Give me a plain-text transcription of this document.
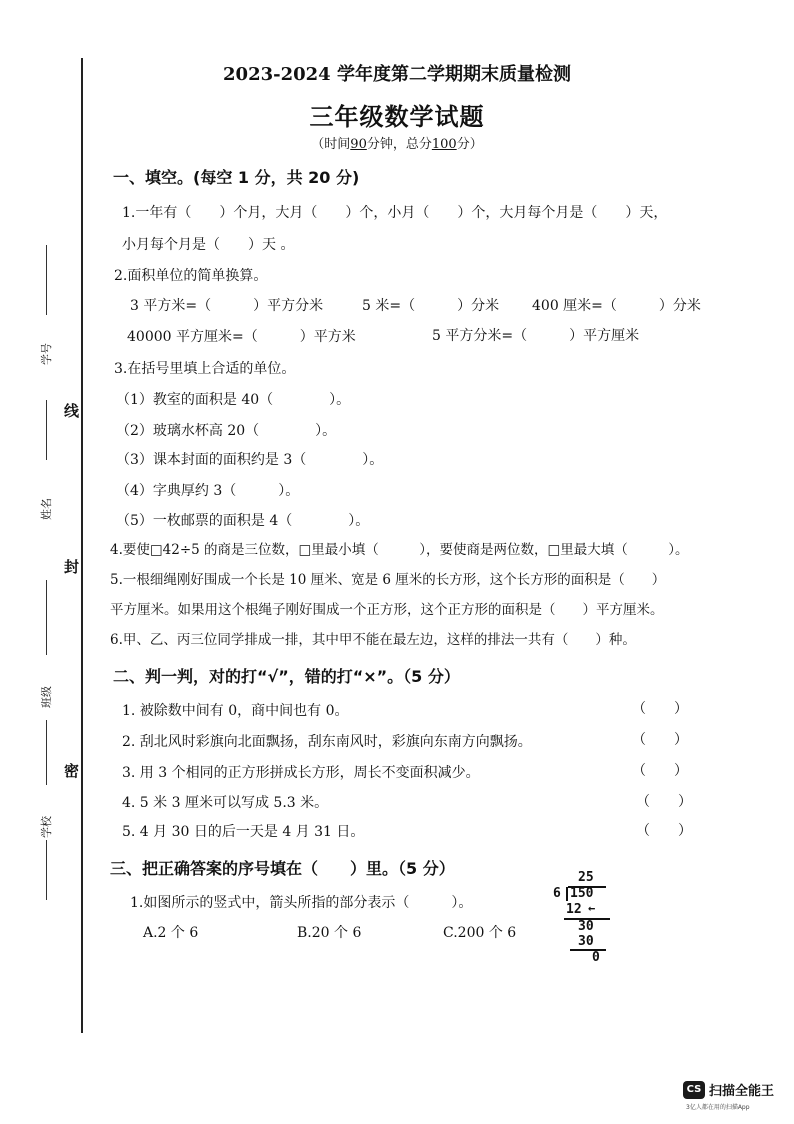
线
封
密
学号
姓名
班级
学校
2023-2024 学年度第二学期期末质量检测
三年级数学试题
（时间90分钟，总分100分）
一、填空。(每空 1 分，共 20 分)
1.一年有（　　）个月，大月（　　）个，小月（　　）个，大月每个月是（　　）天，
小月每个月是（　　）天 。
2.面积单位的简单换算。
3 平方米=（　　　）平方分米	5 米=（　　　）分米 400 厘米=（　　　）分米
40000 平方厘米=（　　　）平方米	5 平方分米=（　　　）平方厘米
3.在括号里填上合适的单位。
（1）教室的面积是 40（　　　　）。
（2）玻璃水杯高 20（　　　　）。
（3）课本封面的面积约是 3（　　　　）。
（4）字典厚约 3（　　　）。
（5）一枚邮票的面积是 4（　　　　）。
4.要使□42÷5 的商是三位数，□里最小填（　　　），要使商是两位数，□里最大填（　　　）。
5.一根细绳刚好围成一个长是 10 厘米、宽是 6 厘米的长方形，这个长方形的面积是（　　）
平方厘米。如果用这个根绳子刚好围成一个正方形，这个正方形的面积是（　　）平方厘米。
6.甲、乙、丙三位同学排成一排，其中甲不能在最左边，这样的排法一共有（　　）种。
二、判一判，对的打“√”，错的打“×”。（5 分）
1. 被除数中间有 0，商中间也有 0。	（　　）
2. 刮北风时彩旗向北面飘扬，刮东南风时，彩旗向东南方向飘扬。	（　　）
3. 用 3 个相同的正方形拼成长方形，周长不变面积减少。	（　　）
4. 5 米 3 厘米可以写成 5.3 米。	（　　）
5. 4 月 30 日的后一天是 4 月 31 日。	（　　）
三、把正确答案的序号填在（　　）里。（5 分）
1.如图所示的竖式中，箭头所指的部分表示（　　　）。
A.2 个 6	B.20 个 6	C.200 个 6
25
6 150
12 ←
30
30
0
CS 扫描全能王
3亿人都在用的扫描App
